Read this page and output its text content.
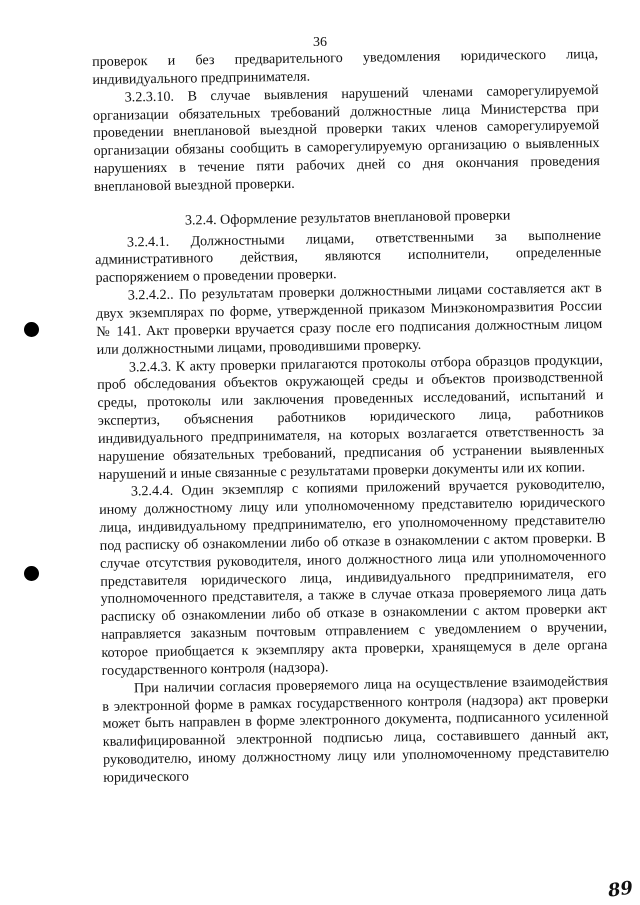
36

проверок и без предварительного уведомления юридического лица, индивидуального предпринимателя.

3.2.3.10. В случае выявления нарушений членами саморегулируемой организации обязательных требований должностные лица Министерства при проведении внеплановой выездной проверки таких членов саморегулируемой организации обязаны сообщить в саморегулируемую организацию о выявленных нарушениях в течение пяти рабочих дней со дня окончания проведения внеплановой выездной проверки.

3.2.4. Оформление результатов внеплановой проверки

3.2.4.1. Должностными лицами, ответственными за выполнение административного действия, являются исполнители, определенные распоряжением о проведении проверки.

3.2.4.2.. По результатам проверки должностными лицами составляется акт в двух экземплярах по форме, утвержденной приказом Минэкономразвития России № 141. Акт проверки вручается сразу после его подписания должностным лицом или должностными лицами, проводившими проверку.

3.2.4.3. К акту проверки прилагаются протоколы отбора образцов продукции, проб обследования объектов окружающей среды и объектов производственной среды, протоколы или заключения проведенных исследований, испытаний и экспертиз, объяснения работников юридического лица, работников индивидуального предпринимателя, на которых возлагается ответственность за нарушение обязательных требований, предписания об устранении выявленных нарушений и иные связанные с результатами проверки документы или их копии.

3.2.4.4. Один экземпляр с копиями приложений вручается руководителю, иному должностному лицу или уполномоченному представителю юридического лица, индивидуальному предпринимателю, его уполномоченному представителю под расписку об ознакомлении либо об отказе в ознакомлении с актом проверки. В случае отсутствия руководителя, иного должностного лица или уполномоченного представителя юридического лица, индивидуального предпринимателя, его уполномоченного представителя, а также в случае отказа проверяемого лица дать расписку об ознакомлении либо об отказе в ознакомлении с актом проверки акт направляется заказным почтовым отправлением с уведомлением о вручении, которое приобщается к экземпляру акта проверки, хранящемуся в деле органа государственного контроля (надзора).

При наличии согласия проверяемого лица на осуществление взаимодействия в электронной форме в рамках государственного контроля (надзора) акт проверки может быть направлен в форме электронного документа, подписанного усиленной квалифицированной электронной подписью лица, составившего данный акт, руководителю, иному должностному лицу или уполномоченному представителю юридического

89
